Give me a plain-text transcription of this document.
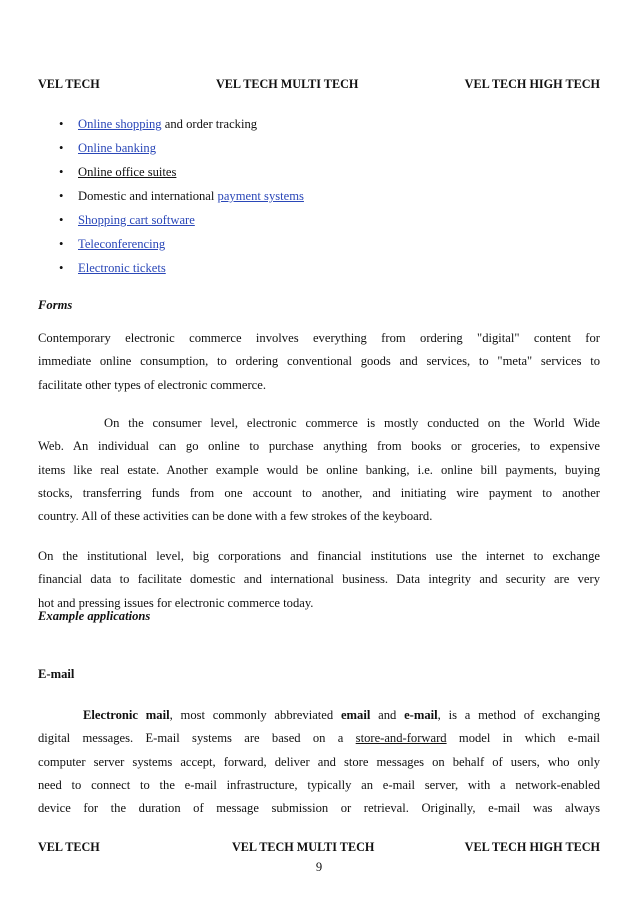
VEL TECH	VEL TECH MULTI TECH	VEL TECH HIGH TECH
• Online shopping and order tracking
• Online banking
• Online office suites
• Domestic and international payment systems
• Shopping cart software
• Teleconferencing
• Electronic tickets
Forms
Contemporary electronic commerce involves everything from ordering "digital" content for
immediate online consumption, to ordering conventional goods and services, to "meta" services to
facilitate other types of electronic commerce.
On the consumer level, electronic commerce is mostly conducted on the World Wide
Web. An individual can go online to purchase anything from books or groceries, to expensive
items like real estate. Another example would be online banking, i.e. online bill payments, buying
stocks, transferring funds from one account to another, and initiating wire payment to another
country. All of these activities can be done with a few strokes of the keyboard.
On the institutional level, big corporations and financial institutions use the internet to exchange
financial data to facilitate domestic and international business. Data integrity and security are very
hot and pressing issues for electronic commerce today.
Example applications
E-mail
Electronic mail, most commonly abbreviated email and e-mail, is a method of exchanging
digital messages. E-mail systems are based on a store-and-forward model in which e-mail
computer server systems accept, forward, deliver and store messages on behalf of users, who only
need to connect to the e-mail infrastructure, typically an e-mail server, with a network-enabled
device for the duration of message submission or retrieval. Originally, e-mail was always
VEL TECH	VEL TECH MULTI TECH	VEL TECH HIGH TECH
9
